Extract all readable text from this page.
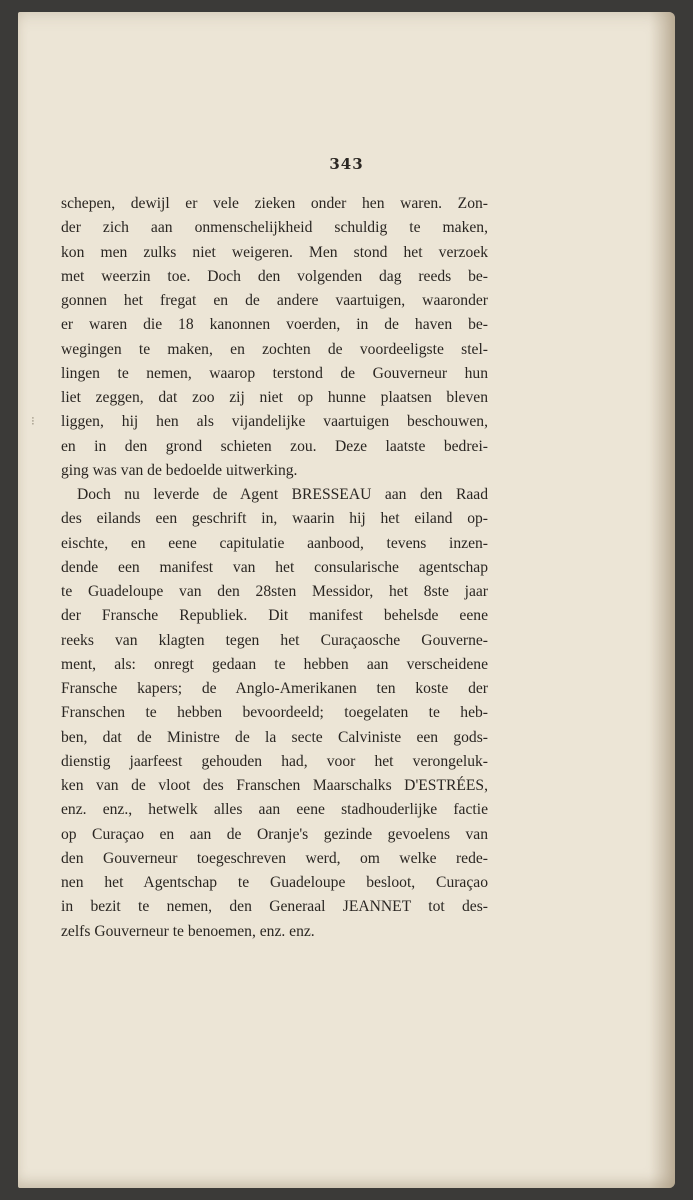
⁝
343
schepen, dewijl er vele zieken onder hen waren. Zon-
der zich aan onmenschelijkheid schuldig te maken,
kon men zulks niet weigeren. Men stond het verzoek
met weerzin toe. Doch den volgenden dag reeds be-
gonnen het fregat en de andere vaartuigen, waaronder
er waren die 18 kanonnen voerden, in de haven be-
wegingen te maken, en zochten de voordeeligste stel-
lingen te nemen, waarop terstond de Gouverneur hun
liet zeggen, dat zoo zij niet op hunne plaatsen bleven
liggen, hij hen als vijandelijke vaartuigen beschouwen,
en in den grond schieten zou. Deze laatste bedrei-
ging was van de bedoelde uitwerking.
Doch nu leverde de Agent BRESSEAU aan den Raad
des eilands een geschrift in, waarin hij het eiland op-
eischte, en eene capitulatie aanbood, tevens inzen-
dende een manifest van het consularische agentschap
te Guadeloupe van den 28sten Messidor, het 8ste jaar
der Fransche Republiek. Dit manifest behelsde eene
reeks van klagten tegen het Curaçaosche Gouverne-
ment, als: onregt gedaan te hebben aan verscheidene
Fransche kapers; de Anglo-Amerikanen ten koste der
Franschen te hebben bevoordeeld; toegelaten te heb-
ben, dat de Ministre de la secte Calviniste een gods-
dienstig jaarfeest gehouden had, voor het verongeluk-
ken van de vloot des Franschen Maarschalks D'ESTRÉES,
enz. enz., hetwelk alles aan eene stadhouderlijke factie
op Curaçao en aan de Oranje's gezinde gevoelens van
den Gouverneur toegeschreven werd, om welke rede-
nen het Agentschap te Guadeloupe besloot, Curaçao
in bezit te nemen, den Generaal JEANNET tot des-
zelfs Gouverneur te benoemen, enz. enz.
